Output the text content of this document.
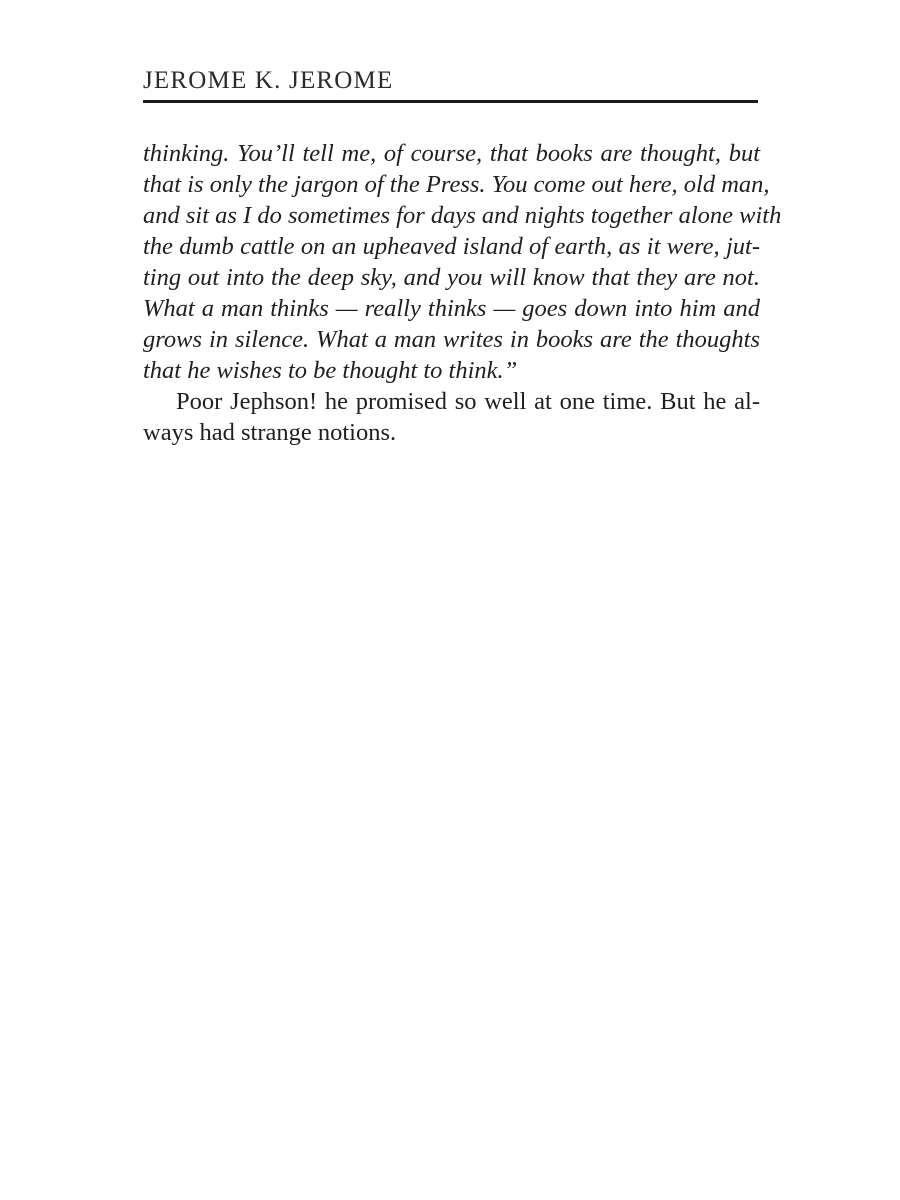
JEROME K. JEROME
thinking. You’ll tell me, of course, that books are thought, but
that is only the jargon of the Press. You come out here, old man,
and sit as I do sometimes for days and nights together alone with
the dumb cattle on an upheaved island of earth, as it were, jut-
ting out into the deep sky, and you will know that they are not.
What a man thinks — really thinks — goes down into him and
grows in silence. What a man writes in books are the thoughts
that he wishes to be thought to think.”
Poor Jephson! he promised so well at one time. But he al-
ways had strange notions.
